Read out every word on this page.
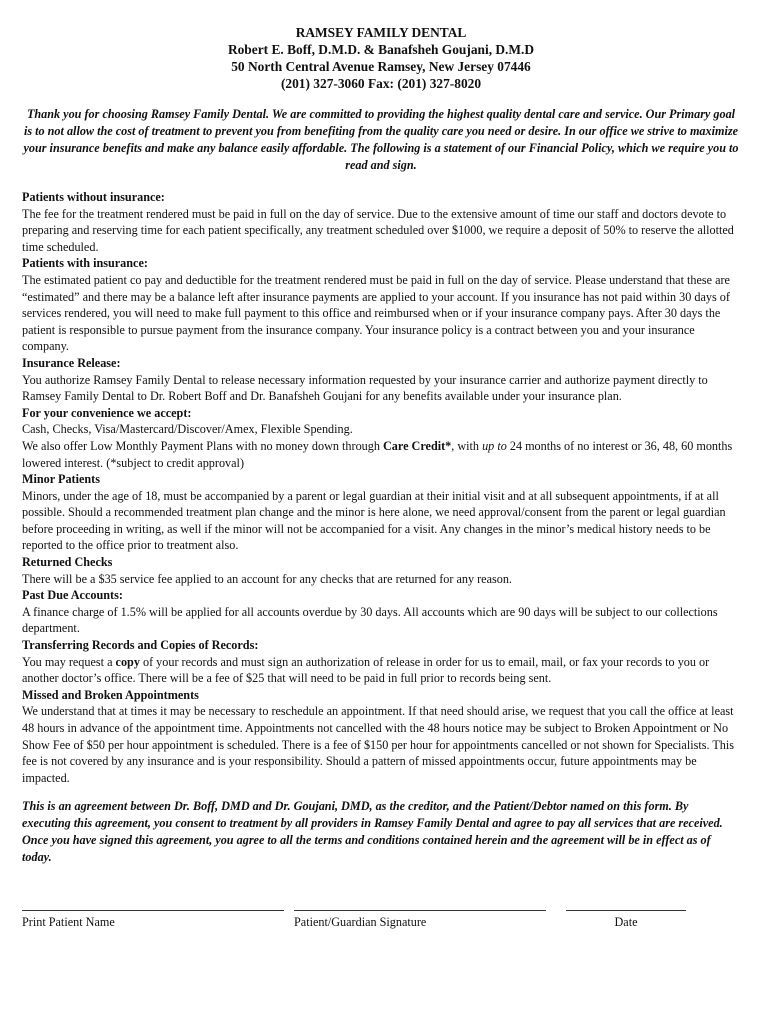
RAMSEY FAMILY DENTAL
Robert E. Boff, D.M.D. & Banafsheh Goujani, D.M.D
50 North Central Avenue Ramsey, New Jersey 07446
(201) 327-3060 Fax: (201) 327-8020
Thank you for choosing Ramsey Family Dental. We are committed to providing the highest quality dental care and service. Our Primary goal is to not allow the cost of treatment to prevent you from benefiting from the quality care you need or desire. In our office we strive to maximize your insurance benefits and make any balance easily affordable. The following is a statement of our Financial Policy, which we require you to read and sign.
Patients without insurance:
The fee for the treatment rendered must be paid in full on the day of service. Due to the extensive amount of time our staff and doctors devote to preparing and reserving time for each patient specifically, any treatment scheduled over $1000, we require a deposit of 50% to reserve the allotted time scheduled.
Patients with insurance:
The estimated patient co pay and deductible for the treatment rendered must be paid in full on the day of service. Please understand that these are “estimated” and there may be a balance left after insurance payments are applied to your account. If you insurance has not paid within 30 days of services rendered, you will need to make full payment to this office and reimbursed when or if your insurance company pays. After 30 days the patient is responsible to pursue payment from the insurance company. Your insurance policy is a contract between you and your insurance company.
Insurance Release:
You authorize Ramsey Family Dental to release necessary information requested by your insurance carrier and authorize payment directly to Ramsey Family Dental to Dr. Robert Boff and Dr. Banafsheh Goujani for any benefits available under your insurance plan.
For your convenience we accept:
Cash, Checks, Visa/Mastercard/Discover/Amex, Flexible Spending.
We also offer Low Monthly Payment Plans with no money down through Care Credit*, with up to 24 months of no interest or 36, 48, 60 months lowered interest. (*subject to credit approval)
Minor Patients
Minors, under the age of 18, must be accompanied by a parent or legal guardian at their initial visit and at all subsequent appointments, if at all possible. Should a recommended treatment plan change and the minor is here alone, we need approval/consent from the parent or legal guardian before proceeding in writing, as well if the minor will not be accompanied for a visit. Any changes in the minor’s medical history needs to be reported to the office prior to treatment also.
Returned Checks
There will be a $35 service fee applied to an account for any checks that are returned for any reason.
Past Due Accounts:
A finance charge of 1.5% will be applied for all accounts overdue by 30 days. All accounts which are 90 days will be subject to our collections department.
Transferring Records and Copies of Records:
You may request a copy of your records and must sign an authorization of release in order for us to email, mail, or fax your records to you or another doctor’s office. There will be a fee of $25 that will need to be paid in full prior to records being sent.
Missed and Broken Appointments
We understand that at times it may be necessary to reschedule an appointment. If that need should arise, we request that you call the office at least 48 hours in advance of the appointment time. Appointments not cancelled with the 48 hours notice may be subject to Broken Appointment or No Show Fee of $50 per hour appointment is scheduled. There is a fee of $150 per hour for appointments cancelled or not shown for Specialists. This fee is not covered by any insurance and is your responsibility. Should a pattern of missed appointments occur, future appointments may be impacted.
This is an agreement between Dr. Boff, DMD and Dr. Goujani, DMD, as the creditor, and the Patient/Debtor named on this form. By executing this agreement, you consent to treatment by all providers in Ramsey Family Dental and agree to pay all services that are received. Once you have signed this agreement, you agree to all the terms and conditions contained herein and the agreement will be in effect as of today.
Print Patient Name	Patient/Guardian Signature	Date
